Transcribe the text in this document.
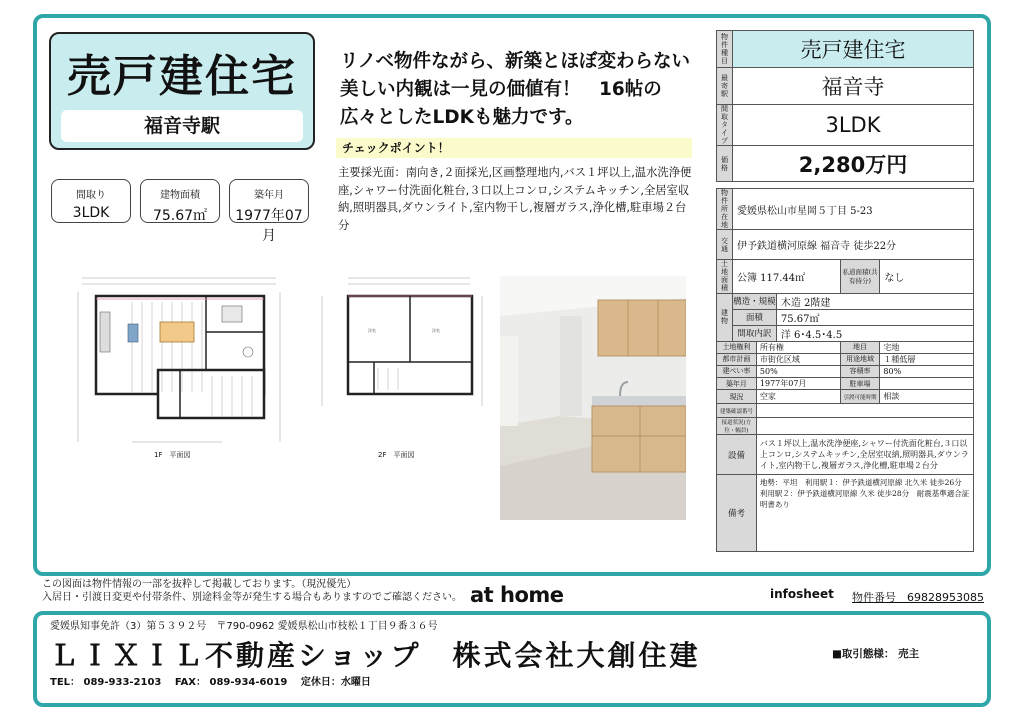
売戸建住宅
福音寺駅
間取り
3LDK
建物面積
75.67㎡
築年月
1977年07月
リノベ物件ながら、新築とほぼ変わらない美しい内観は一見の価値有！　16帖の広々としたLDKも魅力です。
チェックポイント！
主要採光面：南向き,２面採光,区画整理地内,バス１坪以上,温水洗浄便座,シャワー付洗面化粧台,３口以上コンロ,システムキッチン,全居室収納,照明器具,ダウンライト,室内物干し,複層ガラス,浄化槽,駐車場２台分
1F　平面図
洋室	洋室
2F　平面図
物件種目	売戸建住宅
最寄駅	福音寺
間取タイプ	3LDK
価格	2,280万円
物件所在地	愛媛県松山市星岡５丁目 5-23				
交通	伊予鉄道横河原線 福音寺 徒歩22分				
土地面積	公簿 117.44㎡			私道面積(共有持分)	なし
建物	構造・規模		木造 2階建		
	面積		75.67㎡		
	間取内訳		洋 6･4.5･4.5		
土地権利		所有権		地目	宅地
都市計画		市街化区域		用途地域	１種低層
建ぺい率		50%		容積率	80%
築年月		1977年07月		駐車場	
現況		空家		引渡可能時期	相談
建築確認番号					
接道状況(方位・幅員)					
設備		バス１坪以上,温水洗浄便座,シャワー付洗面化粧台,３口以上コンロ,システムキッチン,全居室収納,照明器具,ダウンライト,室内物干し,複層ガラス,浄化槽,駐車場２台分			
備考		地勢：平坦　利用駅１：伊予鉄道横河原線 北久米 徒歩26分　利用駅２：伊予鉄道横河原線 久米 徒歩28分　耐震基準適合証明書あり			
この図面は物件情報の一部を抜粋して掲載しております。（現況優先）
入居日・引渡日変更や付帯条件、別途料金等が発生する場合もありますのでご確認ください。 at home	infosheet 物件番号　69828953085
愛媛県知事免許（3）第５３９２号　〒790-0962 愛媛県松山市枝松１丁目９番３６号
ＬＩＸＩＬ不動産ショップ　株式会社大創住建	■取引態様： 売主
TEL： 089-933-2103　 FAX： 089-934-6019　 定休日：水曜日
